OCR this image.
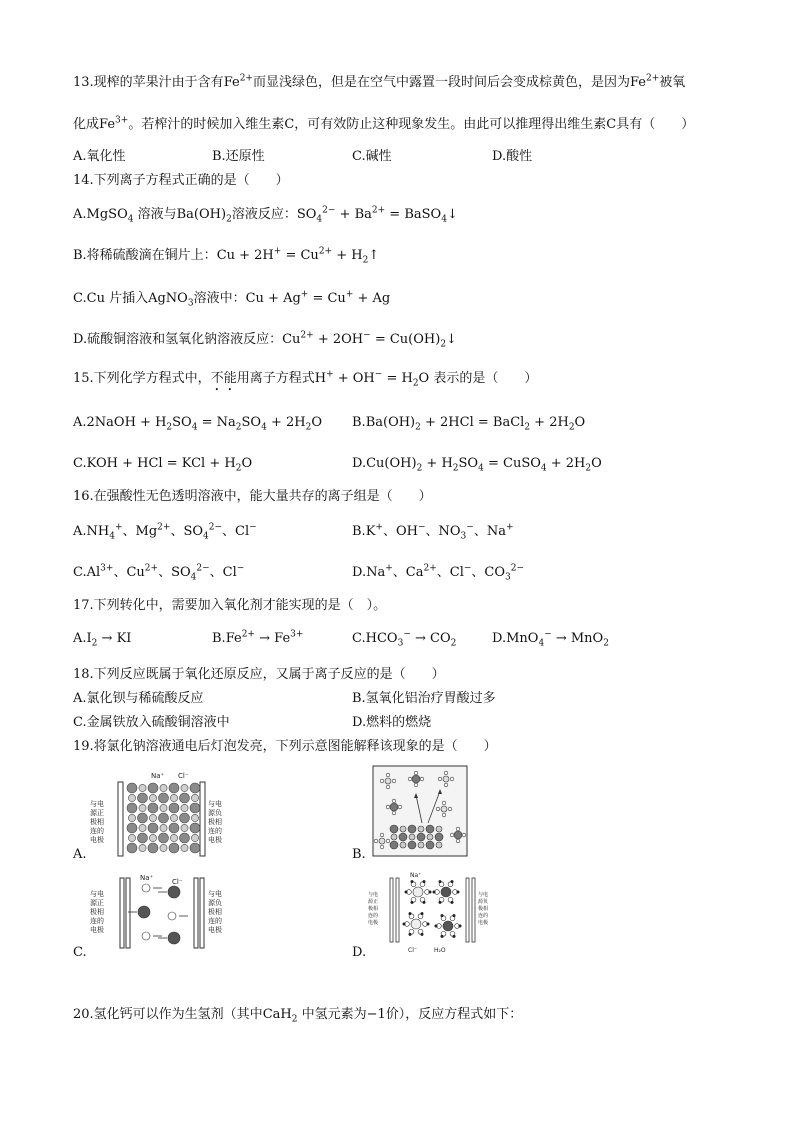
13.现榨的苹果汁由于含有$Fe^{2+}$而显浅绿色，但是在空气中露置一段时间后会变成棕黄色，是因为$Fe^{2+}$被氧
化成$Fe^{3+}$。若榨汁的时候加入维生素C，可有效防止这种现象发生。由此可以推理得出维生素C具有（　　）
A.氧化性	B.还原性	C.碱性	D.酸性
14.下列离子方程式正确的是（　　）
A.MgSO$_4$ 溶液与$Ba(OH)_2$溶液反应：$SO_4^{2-} + Ba^{2+}$ = BaSO$_4$↓
B.将稀硫酸滴在铜片上：$Cu + 2H^+ = Cu^{2+}$ + $H_2↑$
C.Cu 片插入AgNO$_3$溶液中：Cu + Ag+ = Cu+ + Ag
D.硫酸铜溶液和氢氧化钠溶液反应：$Cu^{2+} + 2OH^-$ = $Cu(OH)_2↓$
15.下列化学方程式中，不能用离子方程式$H^+ + OH^- = H_2O$ 表示的是（　　）
A.2NaOH + $H_2SO_4 = Na_2SO_4 + 2H_2O$ $B.Ba(OH)_2 + 2HCl$ = BaCl$_2$ + $2H_2O$
C.KOH + HCl = KCl + $H_2O$	$D.Cu(OH)_2 + H_2SO_4$ = CuSO$_4$ + $2H_2O$
16.在强酸性无色透明溶液中，能大量共存的离子组是（　　）
$A.NH_4^+$、$Mg^{2+}$、$SO_4^{2-}$、Cl−	B.K+、OH−、$NO_3^-$、Na+
$C.Al^{3+}$、$Cu^{2+}$、$SO_4^{2-}$、Cl−	D.Na+、$Ca^{2+}$、Cl−、$CO_3^{2-}$
17.下列转化中，需要加入氧化剂才能实现的是（　）。
$A.I_2$ → KI	$B.Fe^{2+} \to Fe^{3+}$	$C.HCO_3^- \to CO_2$	D.MnO$_4$− → MnO$_2$
18.下列反应既属于氧化还原反应，又属于离子反应的是（　　）
A.氯化钡与稀硫酸反应	B.氢氧化铝治疗胃酸过多
C.金属铁放入硫酸铜溶液中	D.燃料的燃烧
19.将氯化钠溶液通电后灯泡发亮，下列示意图能解释该现象的是（　　）
与电
源正
极相
连的
电极
与电
源负
极相
连的
电极
Na⁺ Cl⁻
A.	B.
与电
源正
极相
连的
电极
与电
源负
极相
连的
电极
Na⁺	Cl⁻
C.
与电
源正
极相
连的
电极
与电
源负
极相
连的
电极
Na⁺
Cl⁻	H₂O
D.
20.氢化钙可以作为生氢剂（其中CaH$_2$ 中氢元素为−1价），反应方程式如下：
